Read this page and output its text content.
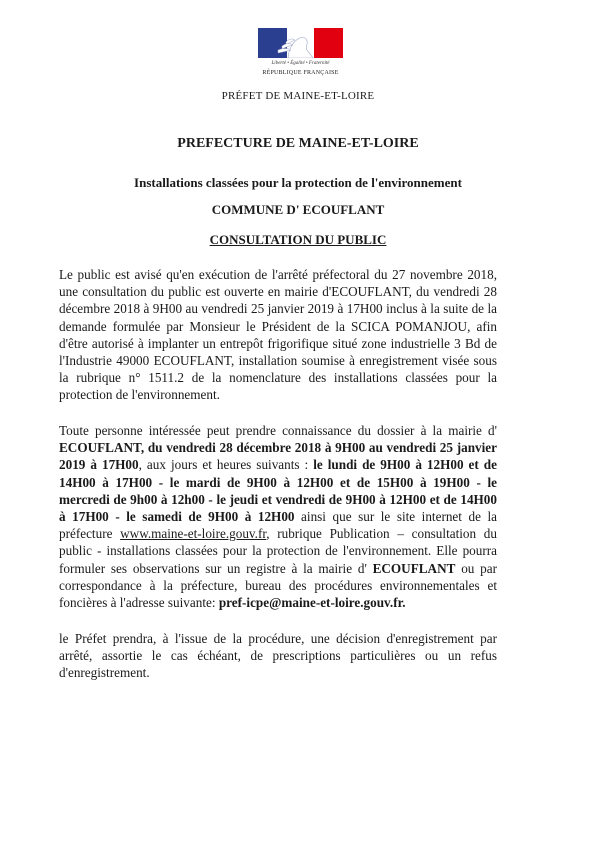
Liberté • Égalité • Fraternité
RÉPUBLIQUE FRANÇAISE
PRÉFET DE MAINE-ET-LOIRE
PREFECTURE DE MAINE-ET-LOIRE
Installations classées pour la protection de l'environnement
COMMUNE D' ECOUFLANT
CONSULTATION DU PUBLIC

Le public est avisé qu'en exécution de l'arrêté préfectoral du 27 novembre 2018, une consultation du public est ouverte en mairie d'ECOUFLANT, du vendredi 28 décembre 2018 à 9H00 au vendredi 25 janvier 2019 à 17H00 inclus à la suite de la demande formulée par Monsieur le Président de la SCICA POMANJOU, afin d'être autorisé à implanter un entrepôt frigorifique situé zone industrielle 3 Bd de l'Industrie 49000 ECOUFLANT, installation soumise à enregistrement visée sous la rubrique n° 1511.2 de la nomenclature des installations classées pour la protection de l'environnement.

Toute personne intéressée peut prendre connaissance du dossier à la mairie d' ECOUFLANT, du vendredi 28 décembre 2018 à 9H00 au vendredi 25 janvier 2019 à 17H00, aux jours et heures suivants : le lundi de 9H00 à 12H00 et de 14H00 à 17H00 - le mardi de 9H00 à 12H00 et de 15H00 à 19H00 - le mercredi de 9h00 à 12h00 - le jeudi et vendredi de 9H00 à 12H00 et de 14H00 à 17H00 - le samedi de 9H00 à 12H00 ainsi que sur le site internet de la préfecture www.maine-et-loire.gouv.fr, rubrique Publication – consultation du public - installations classées pour la protection de l'environnement. Elle pourra formuler ses observations sur un registre à la mairie d' ECOUFLANT ou par correspondance à la préfecture, bureau des procédures environnementales et foncières à l'adresse suivante: pref-icpe@maine-et-loire.gouv.fr.

le Préfet prendra, à l'issue de la procédure, une décision d'enregistrement par arrêté, assortie le cas échéant, de prescriptions particulières ou un refus d'enregistrement.
